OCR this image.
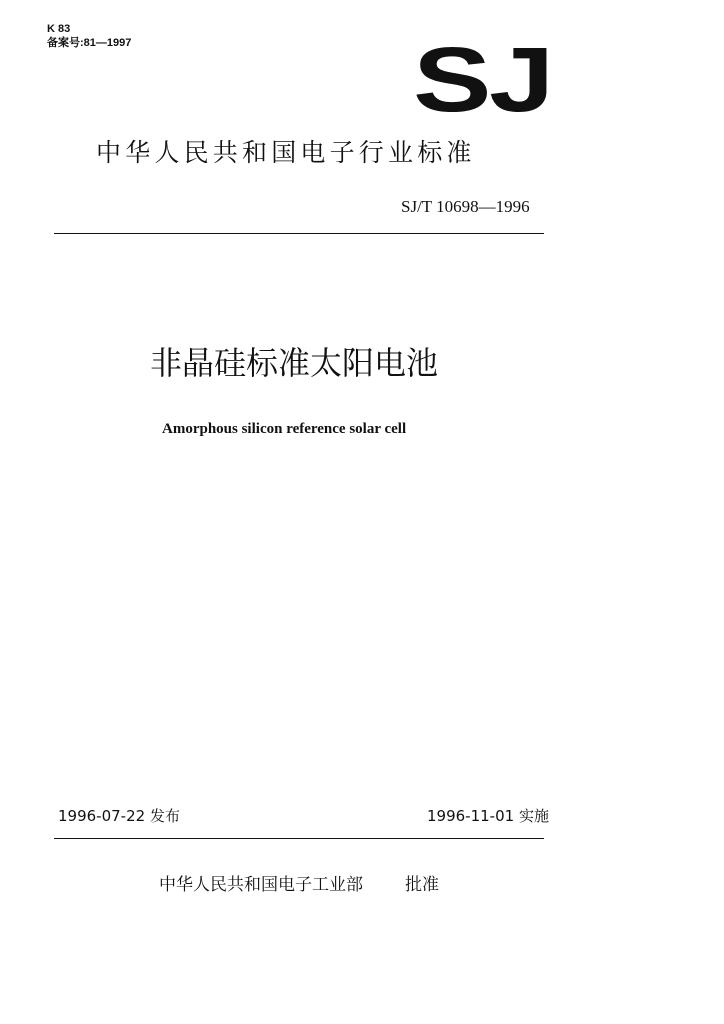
K 83
备案号:81—1997	SJ
中华人民共和国电子行业标准
SJ/T 10698—1996
非晶硅标准太阳电池
Amorphous silicon reference solar cell
1996-07-22 发布	1996-11-01 实施
中华人民共和国电子工业部 批准
